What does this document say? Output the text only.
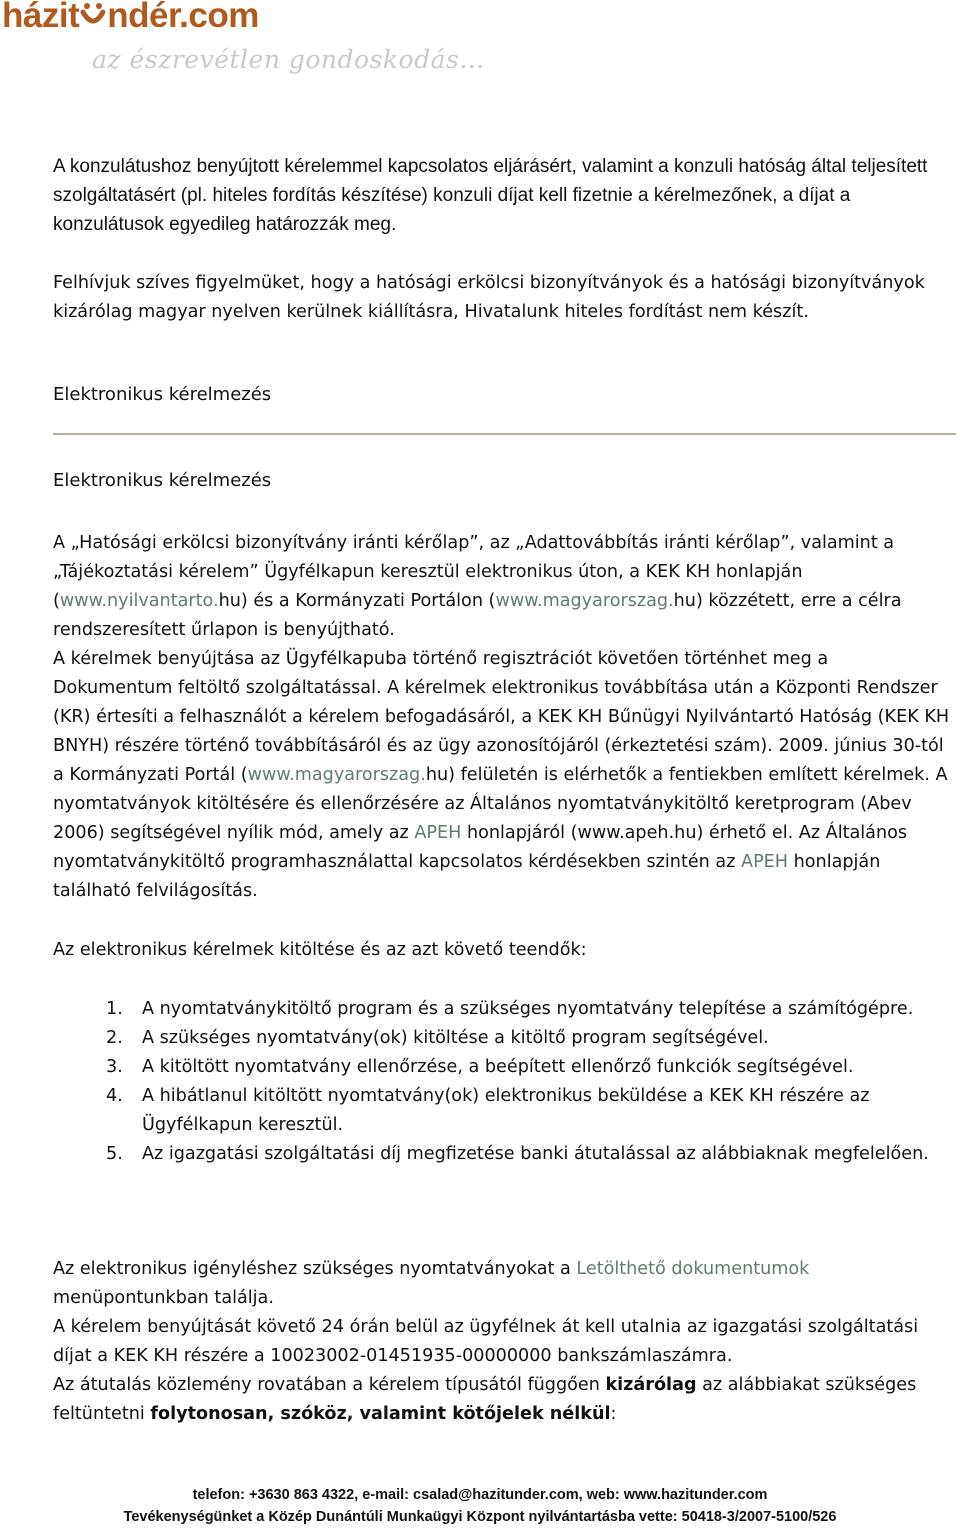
házit ndér.com
az észrevétlen gondoskodás...

A konzulátushoz benyújtott kérelemmel kapcsolatos eljárásért, valamint a konzuli hatóság által teljesített szolgáltatásért (pl. hiteles fordítás készítése) konzuli díjat kell fizetnie a kérelmezőnek, a díjat a konzulátusok egyedileg határozzák meg.

Felhívjuk szíves figyelmüket, hogy a hatósági erkölcsi bizonyítványok és a hatósági bizonyítványok kizárólag magyar nyelven kerülnek kiállításra, Hivatalunk hiteles fordítást nem készít.

Elektronikus kérelmezés
Elektronikus kérelmezés

A „Hatósági erkölcsi bizonyítvány iránti kérőlap”, az „Adattovábbítás iránti kérőlap”, valamint a „Tájékoztatási kérelem” Ügyfélkapun keresztül elektronikus úton, a KEK KH honlapján (www.nyilvantarto.hu) és a Kormányzati Portálon (www.magyarorszag.hu) közzétett, erre a célra rendszeresített űrlapon is benyújtható.

A kérelmek benyújtása az Ügyfélkapuba történő regisztrációt követően történhet meg a Dokumentum feltöltő szolgáltatással. A kérelmek elektronikus továbbítása után a Központi Rendszer (KR) értesíti a felhasználót a kérelem befogadásáról, a KEK KH Bűnügyi Nyilvántartó Hatóság (KEK KH BNYH) részére történő továbbításáról és az ügy azonosítójáról (érkeztetési szám). 2009. június 30-tól a Kormányzati Portál (www.magyarorszag.hu) felületén is elérhetők a fentiekben említett kérelmek. A nyomtatványok kitöltésére és ellenőrzésére az Általános nyomtatványkitöltő keretprogram (Abev 2006) segítségével nyílik mód, amely az APEH honlapjáról (www.apeh.hu) érhető el. Az Általános nyomtatványkitöltő programhasználattal kapcsolatos kérdésekben szintén az APEH honlapján található felvilágosítás.

Az elektronikus kérelmek kitöltése és az azt követő teendők:

1. A nyomtatványkitöltő program és a szükséges nyomtatvány telepítése a számítógépre.
2. A szükséges nyomtatvány(ok) kitöltése a kitöltő program segítségével.
3. A kitöltött nyomtatvány ellenőrzése, a beépített ellenőrző funkciók segítségével.
4. A hibátlanul kitöltött nyomtatvány(ok) elektronikus beküldése a KEK KH részére az Ügyfélkapun keresztül.
5. Az igazgatási szolgáltatási díj megfizetése banki átutalással az alábbiaknak megfelelően.

Az elektronikus igényléshez szükséges nyomtatványokat a Letölthető dokumentumok menüpontunkban találja.

A kérelem benyújtását követő 24 órán belül az ügyfélnek át kell utalnia az igazgatási szolgáltatási díjat a KEK KH részére a 10023002-01451935-00000000 bankszámlaszámra.

Az átutalás közlemény rovatában a kérelem típusától függően kizárólag az alábbiakat szükséges feltüntetni folytonosan, szóköz, valamint kötőjelek nélkül:

telefon: +3630 863 4322, e-mail: csalad@hazitunder.com, web: www.hazitunder.com
Tevékenységünket a Közép Dunántúli Munkaügyi Központ nyilvántartásba vette: 50418-3/2007-5100/526
